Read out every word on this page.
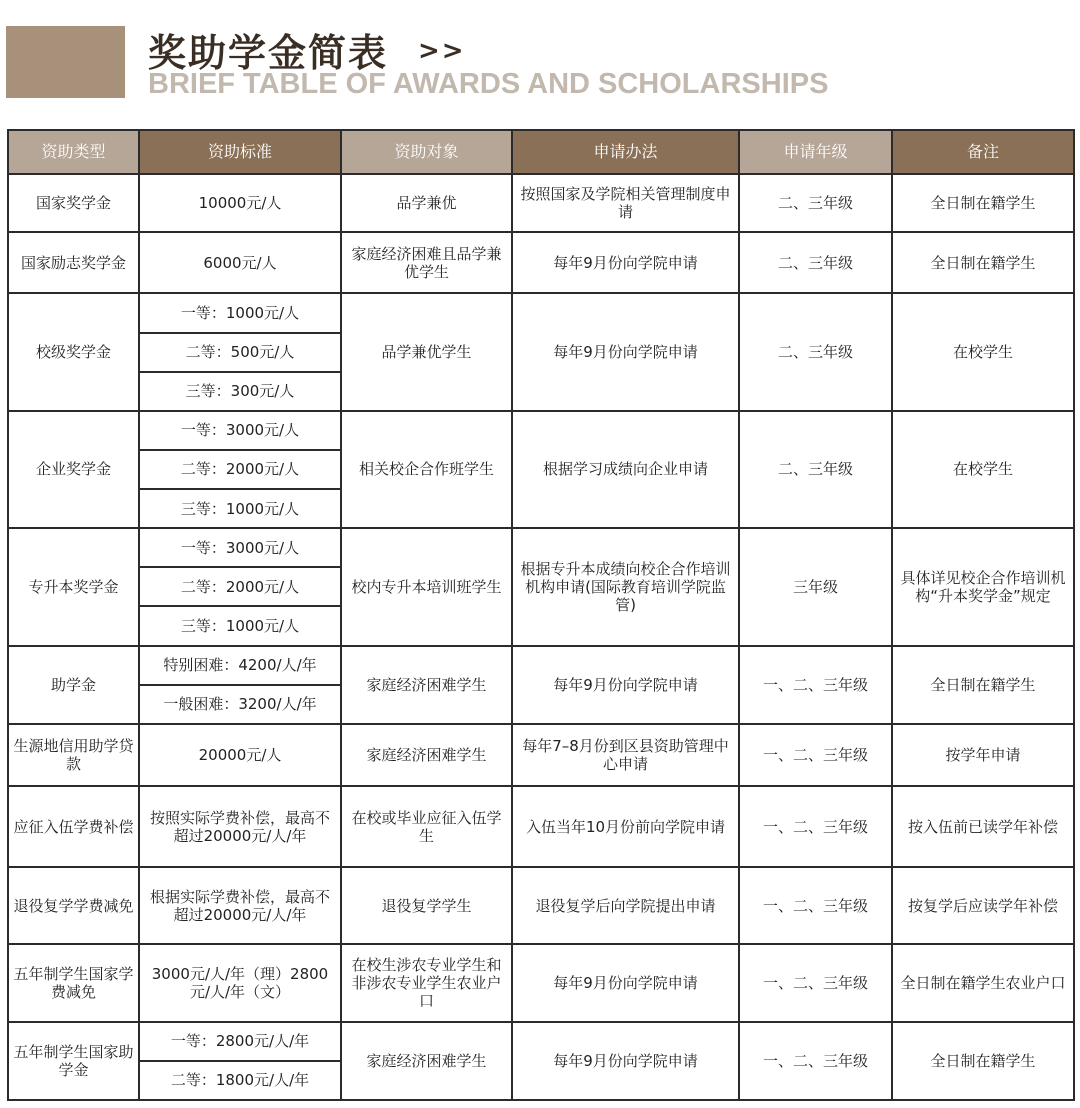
奖助学金简表 >>
BRIEF TABLE OF AWARDS AND SCHOLARSHIPS
资助类型	资助标准	资助对象	申请办法	申请年级	备注
国家奖学金	10000元/人	品学兼优	按照国家及学院相关管理制度申请	二、三年级	全日制在籍学生
国家励志奖学金	6000元/人	家庭经济困难且品学兼优学生	每年9月份向学院申请	二、三年级	全日制在籍学生
校级奖学金	一等：1000元/人	品学兼优学生	每年9月份向学院申请	二、三年级	在校学生
	二等：500元/人				
	三等：300元/人				
企业奖学金	一等：3000元/人	相关校企合作班学生	根据学习成绩向企业申请	二、三年级	在校学生
	二等：2000元/人				
	三等：1000元/人				
专升本奖学金	一等：3000元/人	校内专升本培训班学生	根据专升本成绩向校企合作培训机构申请(国际教育培训学院监管)	三年级	具体详见校企合作培训机构“升本奖学金”规定
	二等：2000元/人				
	三等：1000元/人				
助学金	特别困难：4200/人/年	家庭经济困难学生	每年9月份向学院申请	一、二、三年级	全日制在籍学生
	一般困难：3200/人/年				
生源地信用助学贷款	20000元/人	家庭经济困难学生	每年7–8月份到区县资助管理中心申请	一、二、三年级	按学年申请
应征入伍学费补偿	按照实际学费补偿，最高不超过20000元/人/年	在校或毕业应征入伍学生	入伍当年10月份前向学院申请	一、二、三年级	按入伍前已读学年补偿
退役复学学费减免	根据实际学费补偿，最高不超过20000元/人/年	退役复学学生	退役复学后向学院提出申请	一、二、三年级	按复学后应读学年补偿
五年制学生国家学费减免	3000元/人/年（理）2800元/人/年（文）	在校生涉农专业学生和非涉农专业学生农业户口	每年9月份向学院申请	一、二、三年级	全日制在籍学生农业户口
五年制学生国家助学金	一等：2800元/人/年	家庭经济困难学生	每年9月份向学院申请	一、二、三年级	全日制在籍学生
	二等：1800元/人/年				
